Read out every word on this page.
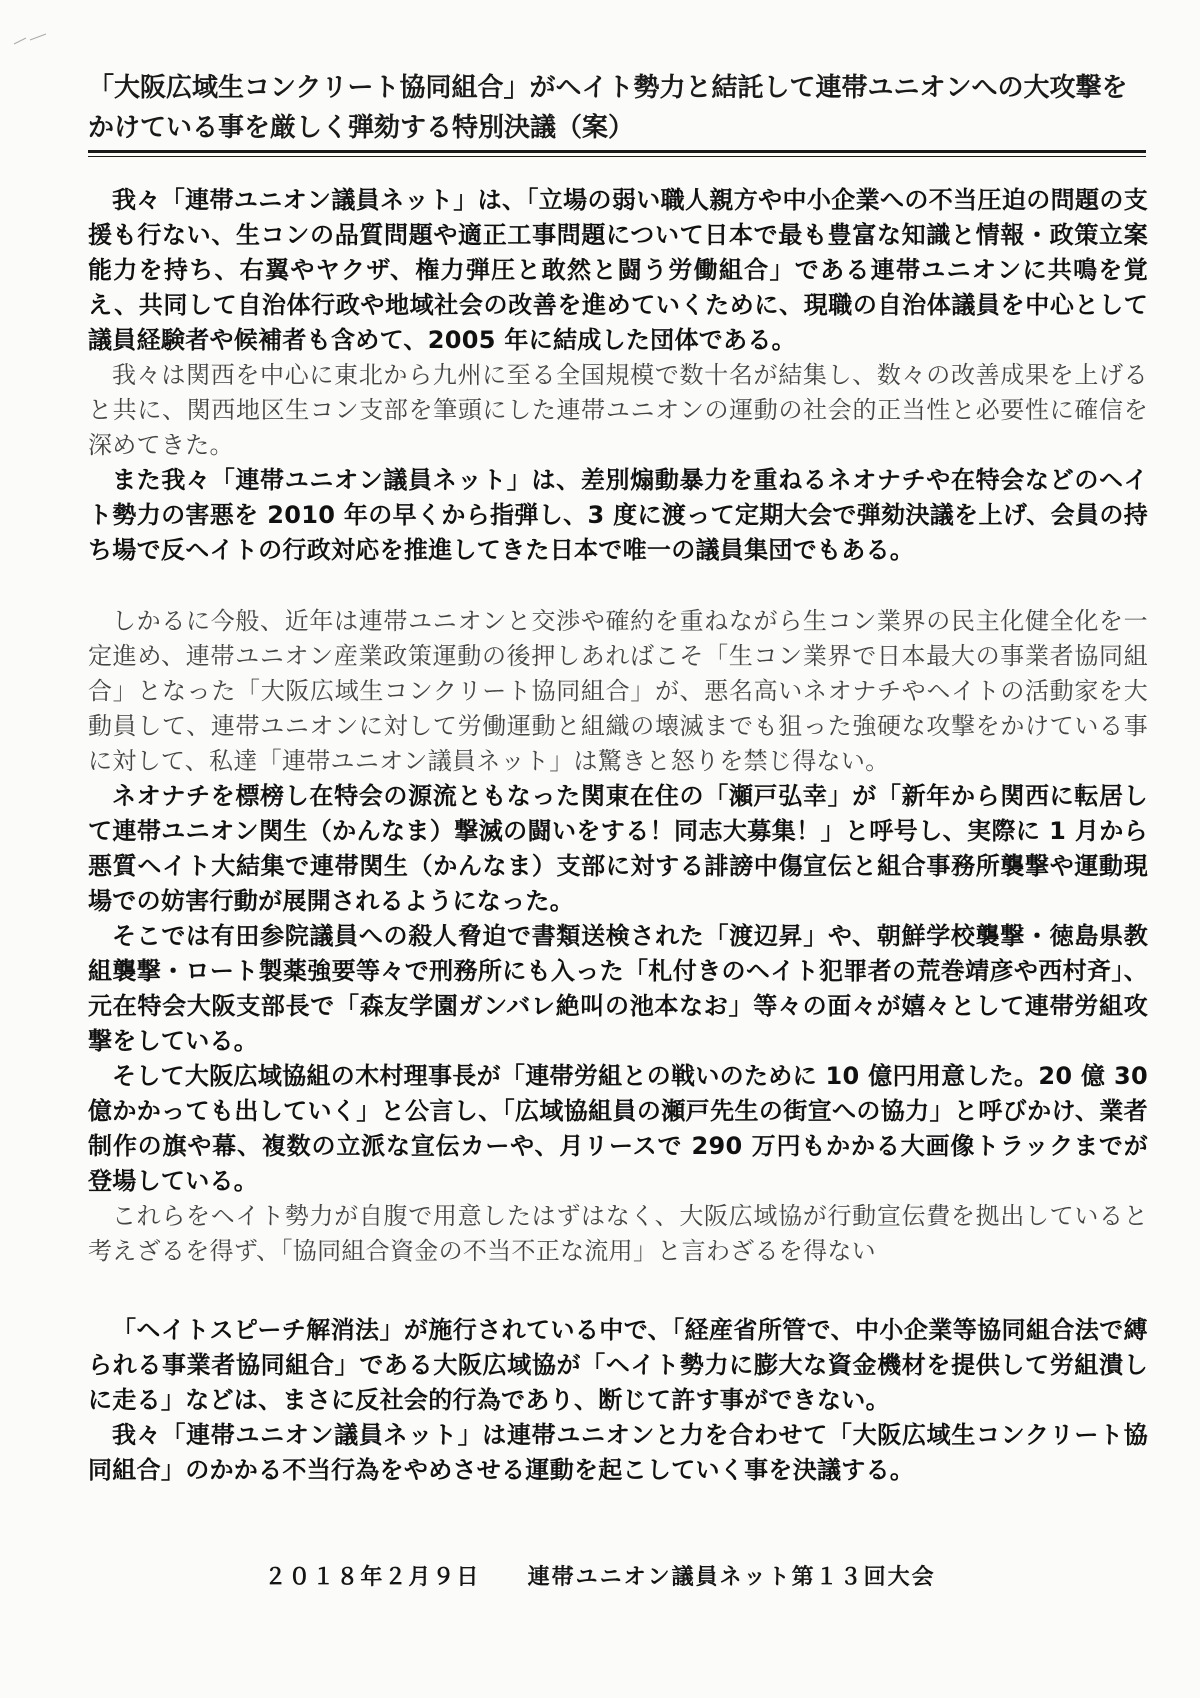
「大阪広域生コンクリート協同組合」がヘイト勢力と結託して連帯ユニオンへの大攻撃をかけている事を厳しく弾劾する特別決議（案）

我々「連帯ユニオン議員ネット」は、「立場の弱い職人親方や中小企業への不当圧迫の問題の支援も行ない、生コンの品質問題や適正工事問題について日本で最も豊富な知識と情報・政策立案能力を持ち、右翼やヤクザ、権力弾圧と敢然と闘う労働組合」である連帯ユニオンに共鳴を覚え、共同して自治体行政や地域社会の改善を進めていくために、現職の自治体議員を中心として議員経験者や候補者も含めて、2005 年に結成した団体である。

我々は関西を中心に東北から九州に至る全国規模で数十名が結集し、数々の改善成果を上げると共に、関西地区生コン支部を筆頭にした連帯ユニオンの運動の社会的正当性と必要性に確信を深めてきた。

また我々「連帯ユニオン議員ネット」は、差別煽動暴力を重ねるネオナチや在特会などのヘイト勢力の害悪を 2010 年の早くから指弾し、3 度に渡って定期大会で弾劾決議を上げ、会員の持ち場で反ヘイトの行政対応を推進してきた日本で唯一の議員集団でもある。

しかるに今般、近年は連帯ユニオンと交渉や確約を重ねながら生コン業界の民主化健全化を一定進め、連帯ユニオン産業政策運動の後押しあればこそ「生コン業界で日本最大の事業者協同組合」となった「大阪広域生コンクリート協同組合」が、悪名高いネオナチやヘイトの活動家を大動員して、連帯ユニオンに対して労働運動と組織の壊滅までも狙った強硬な攻撃をかけている事に対して、私達「連帯ユニオン議員ネット」は驚きと怒りを禁じ得ない。

ネオナチを標榜し在特会の源流ともなった関東在住の「瀬戸弘幸」が「新年から関西に転居して連帯ユニオン関生（かんなま）撃滅の闘いをする！同志大募集！」と呼号し、実際に 1 月から悪質ヘイト大結集で連帯関生（かんなま）支部に対する誹謗中傷宣伝と組合事務所襲撃や運動現場での妨害行動が展開されるようになった。

そこでは有田参院議員への殺人脅迫で書類送検された「渡辺昇」や、朝鮮学校襲撃・徳島県教組襲撃・ロート製薬強要等々で刑務所にも入った「札付きのヘイト犯罪者の荒巻靖彦や西村斉」、元在特会大阪支部長で「森友学園ガンバレ絶叫の池本なお」等々の面々が嬉々として連帯労組攻撃をしている。

そして大阪広域協組の木村理事長が「連帯労組との戦いのために 10 億円用意した。20 億 30 億かかっても出していく」と公言し、「広域協組員の瀬戸先生の街宣への協力」と呼びかけ、業者制作の旗や幕、複数の立派な宣伝カーや、月リースで 290 万円もかかる大画像トラックまでが登場している。

これらをヘイト勢力が自腹で用意したはずはなく、大阪広域協が行動宣伝費を拠出していると考えざるを得ず、「協同組合資金の不当不正な流用」と言わざるを得ない

「ヘイトスピーチ解消法」が施行されている中で、「経産省所管で、中小企業等協同組合法で縛られる事業者協同組合」である大阪広域協が「ヘイト勢力に膨大な資金機材を提供して労組潰しに走る」などは、まさに反社会的行為であり、断じて許す事ができない。

我々「連帯ユニオン議員ネット」は連帯ユニオンと力を合わせて「大阪広域生コンクリート協同組合」のかかる不当行為をやめさせる運動を起こしていく事を決議する。

２０１８年２月９日 連帯ユニオン議員ネット第１３回大会
